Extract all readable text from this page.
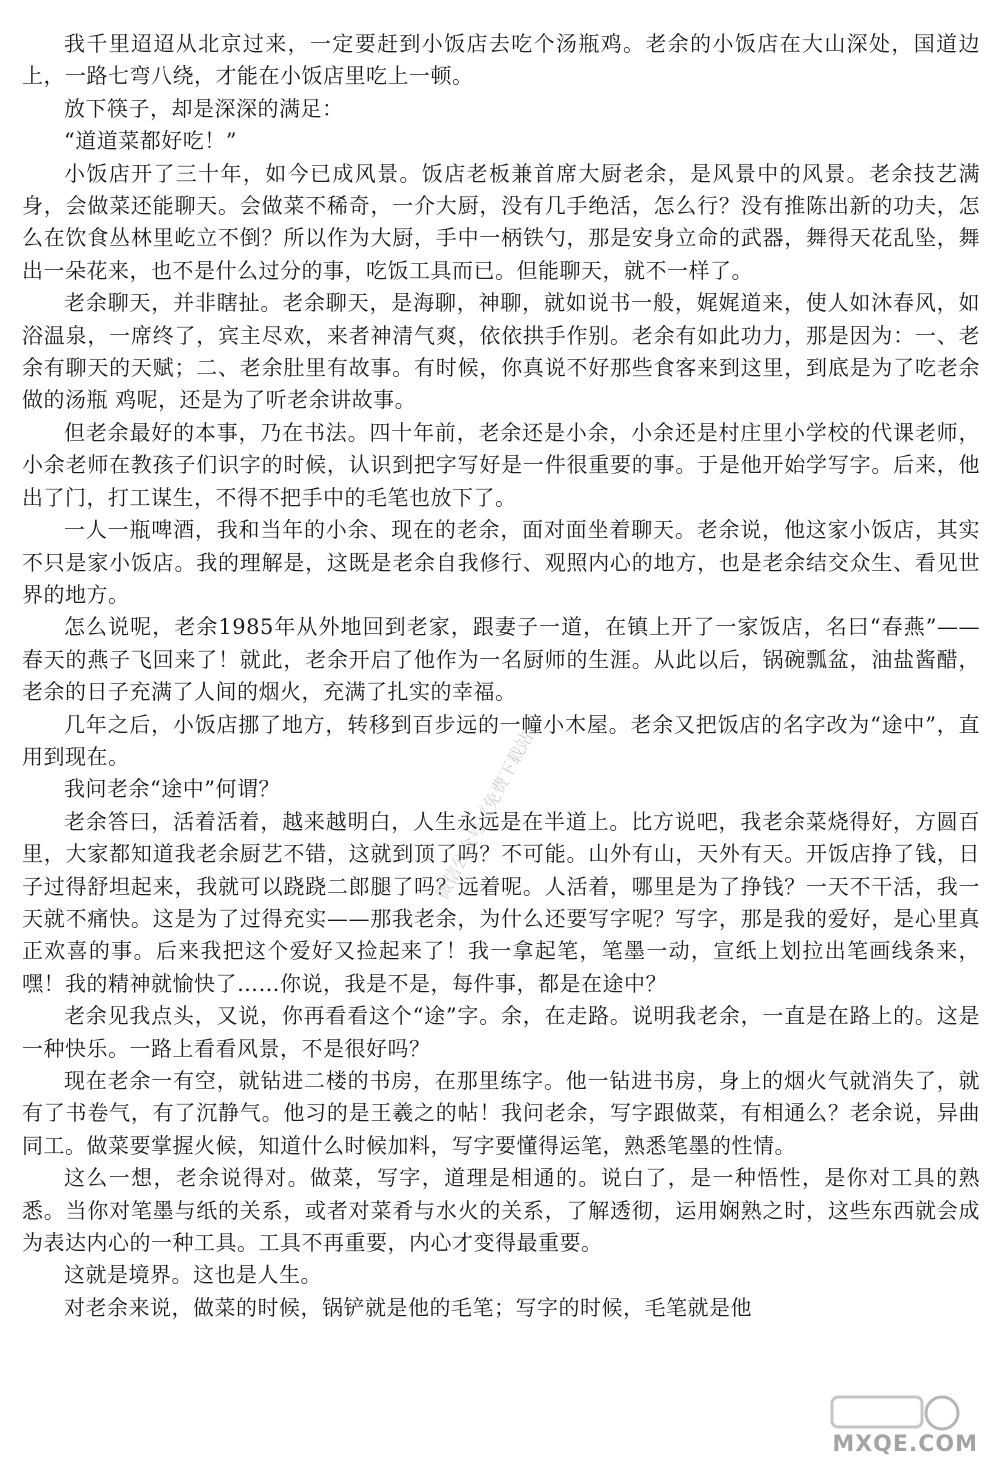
我千里迢迢从北京过来，一定要赶到小饭店去吃个汤瓶鸡。老余的小饭店在大山深处，国道边 上，一路七弯八绕，才能在小饭店里吃上一顿。

放下筷子，却是深深的满足：

“道道菜都好吃！”

小饭店开了三十年，如今已成风景。饭店老板兼首席大厨老余，是风景中的风景。老余技艺满 身，会做菜还能聊天。会做菜不稀奇，一介大厨，没有几手绝活，怎么行？没有推陈出新的功夫，怎么在饮食丛林里屹立不倒？所以作为大厨，手中一柄铁勺，那是安身立命的武器，舞得天花乱坠，舞出一朵花来，也不是什么过分的事，吃饭工具而已。但能聊天，就不一样了。

老余聊天，并非瞎扯。老余聊天，是海聊，神聊，就如说书一般，娓娓道来，使人如沐春风，如浴温泉，一席终了，宾主尽欢，来者神清气爽，依依拱手作别。老余有如此功力，那是因为：一、老余有聊天的天赋；二、老余肚里有故事。有时候，你真说不好那些食客来到这里，到底是为了吃老余做的汤瓶 鸡呢，还是为了听老余讲故事。

但老余最好的本事，乃在书法。四十年前，老余还是小余，小余还是村庄里小学校的代课老师，小余老师在教孩子们识字的时候，认识到把字写好是一件很重要的事。于是他开始学写字。后来，他出了门，打工谋生，不得不把手中的毛笔也放下了。

一人一瓶啤酒，我和当年的小余、现在的老余，面对面坐着聊天。老余说，他这家小饭店，其实不只是家小饭店。我的理解是，这既是老余自我修行、观照内心的地方，也是老余结交众生、看见世界的地方。

怎么说呢，老余1985年从外地回到老家，跟妻子一道，在镇上开了一家饭店，名曰“春燕”——春天的燕子飞回来了！就此，老余开启了他作为一名厨师的生涯。从此以后，锅碗瓢盆，油盐酱醋，老余的日子充满了人间的烟火，充满了扎实的幸福。

几年之后，小饭店挪了地方，转移到百步远的一幢小木屋。老余又把饭店的名字改为“途中”，直用到现在。

我问老余“途中”何谓？

老余答曰，活着活着，越来越明白，人生永远是在半道上。比方说吧，我老余菜烧得好，方圆百里，大家都知道我老余厨艺不错，这就到顶了吗？不可能。山外有山，天外有天。开饭店挣了钱，日子过得舒坦起来，我就可以跷跷二郎腿了吗？远着呢。人活着，哪里是为了挣钱？一天不干活，我一天就不痛快。这是为了过得充实——那我老余，为什么还要写字呢？写字，那是我的爱好，是心里真正欢喜的事。后来我把这个爱好又捡起来了！我一拿起笔，笔墨一动，宣纸上划拉出笔画线条来，嘿！我的精神就愉快了……你说，我是不是，每件事，都是在途中？

老余见我点头，又说，你再看看这个“途”字。余，在走路。说明我老余，一直是在路上的。这是一种快乐。一路上看看风景，不是很好吗？

现在老余一有空，就钻进二楼的书房，在那里练字。他一钻进书房，身上的烟火气就消失了，就有了书卷气，有了沉静气。他习的是王羲之的帖！我问老余，写字跟做菜，有相通么？老余说，异曲同工。做菜要掌握火候，知道什么时候加料，写字要懂得运笔，熟悉笔墨的性情。

这么一想，老余说得对。做菜，写字，道理是相通的。说白了，是一种悟性，是你对工具的熟悉。当你对笔墨与纸的关系，或者对菜肴与水火的关系，了解透彻，运用娴熟之时，这些东西就会成为表达内心的一种工具。工具不再重要，内心才变得最重要。

这就是境界。这也是人生。

对老余来说，做菜的时候，锅铲就是他的毛笔；写字的时候，毛笔就是他

微信公众号《免费下载站》
MXQE.COM
